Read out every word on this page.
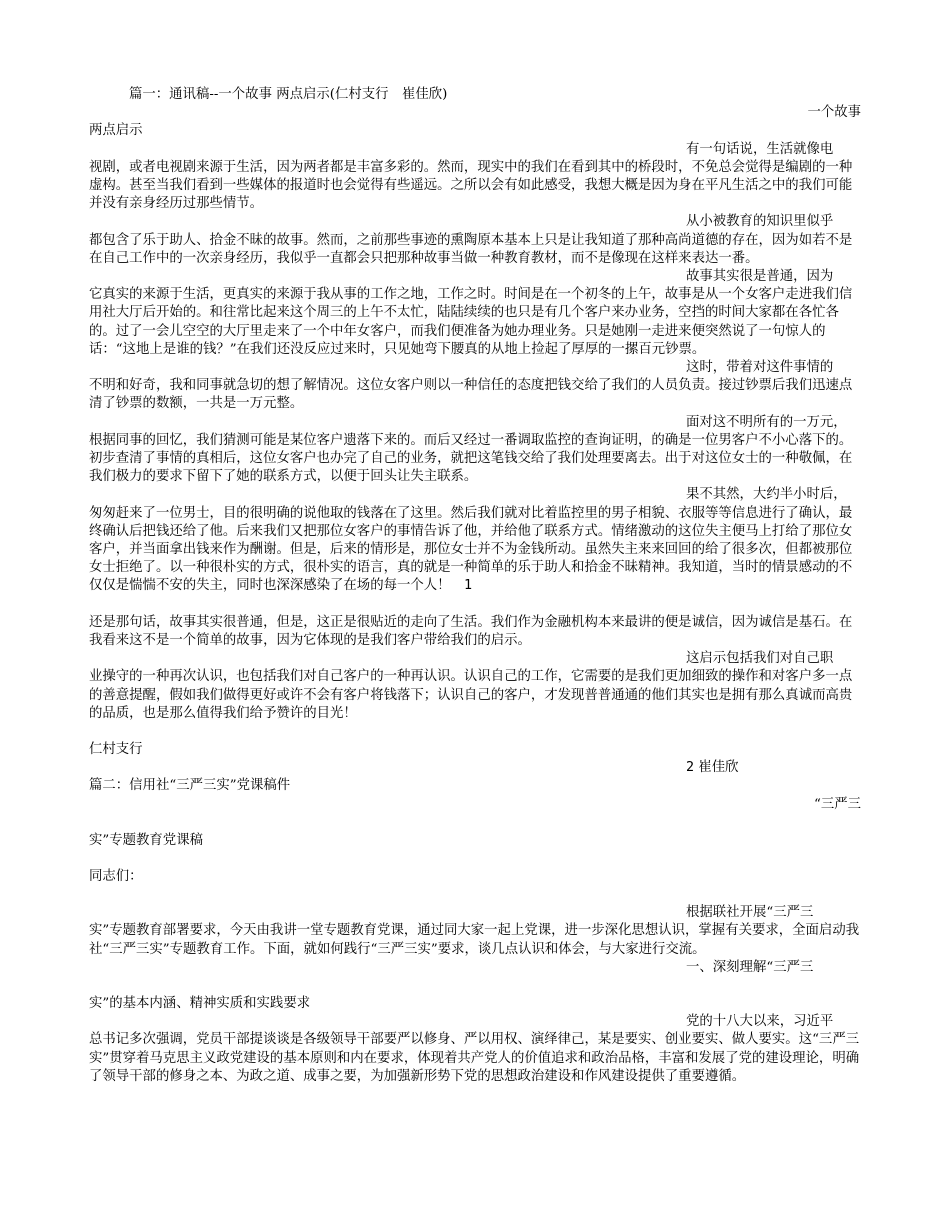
篇一：通讯稿--一个故事 两点启示(仁村支行　崔佳欣)
一个故事
两点启示
有一句话说，生活就像电
视剧，或者电视剧来源于生活，因为两者都是丰富多彩的。然而，现实中的我们在看到其中的桥段时，不免总会觉得是编剧的一种虚构。甚至当我们看到一些媒体的报道时也会觉得有些遥远。之所以会有如此感受，我想大概是因为身在平凡生活之中的我们可能并没有亲身经历过那些情节。
从小被教育的知识里似乎
都包含了乐于助人、拾金不昧的故事。然而，之前那些事迹的熏陶原本基本上只是让我知道了那种高尚道德的存在，因为如若不是在自己工作中的一次亲身经历，我似乎一直都会只把那种故事当做一种教育教材，而不是像现在这样来表达一番。
故事其实很是普通，因为
它真实的来源于生活，更真实的来源于我从事的工作之地，工作之时。时间是在一个初冬的上午，故事是从一个女客户走进我们信用社大厅后开始的。和往常比起来这个周三的上午不太忙，陆陆续续的也只是有几个客户来办业务，空挡的时间大家都在各忙各的。过了一会儿空空的大厅里走来了一个中年女客户，而我们便准备为她办理业务。只是她刚一走进来便突然说了一句惊人的话：“这地上是谁的钱？”在我们还没反应过来时，只见她弯下腰真的从地上捡起了厚厚的一摞百元钞票。
这时，带着对这件事情的
不明和好奇，我和同事就急切的想了解情况。这位女客户则以一种信任的态度把钱交给了我们的人员负责。接过钞票后我们迅速点清了钞票的数额，一共是一万元整。
面对这不明所有的一万元，
根据同事的回忆，我们猜测可能是某位客户遗落下来的。而后又经过一番调取监控的查询证明，的确是一位男客户不小心落下的。初步查清了事情的真相后，这位女客户也办完了自己的业务，就把这笔钱交给了我们处理要离去。出于对这位女士的一种敬佩，在我们极力的要求下留下了她的联系方式，以便于回头让失主联系。
果不其然，大约半小时后，
匆匆赶来了一位男士，目的很明确的说他取的钱落在了这里。然后我们就对比着监控里的男子相貌、衣服等等信息进行了确认，最终确认后把钱还给了他。后来我们又把那位女客户的事情告诉了他，并给他了联系方式。情绪激动的这位失主便马上打给了那位女客户，并当面拿出钱来作为酬谢。但是，后来的情形是，那位女士并不为金钱所动。虽然失主来来回回的给了很多次，但都被那位女士拒绝了。以一种很朴实的方式，很朴实的语言，真的就是一种简单的乐于助人和拾金不昧精神。我知道，当时的情景感动的不仅仅是惴惴不安的失主，同时也深深感染了在场的每一个人！　 1
还是那句话，故事其实很普通，但是，这正是很贴近的走向了生活。我们作为金融机构本来最讲的便是诚信，因为诚信是基石。在我看来这不是一个简单的故事，因为它体现的是我们客户带给我们的启示。
这启示包括我们对自己职
业操守的一种再次认识，也包括我们对自己客户的一种再认识。认识自己的工作，它需要的是我们更加细致的操作和对客户多一点的善意提醒，假如我们做得更好或许不会有客户将钱落下；认识自己的客户，才发现普普通通的他们其实也是拥有那么真诚而高贵的品质，也是那么值得我们给予赞许的目光！
仁村支行
2 崔佳欣
篇二：信用社“三严三实”党课稿件
“三严三
实”专题教育党课稿
同志们：
根据联社开展“三严三
实”专题教育部署要求，今天由我讲一堂专题教育党课，通过同大家一起上党课，进一步深化思想认识，掌握有关要求，全面启动我社“三严三实”专题教育工作。下面，就如何践行“三严三实”要求，谈几点认识和体会，与大家进行交流。
一、深刻理解“三严三
实”的基本内涵、精神实质和实践要求
党的十八大以来，习近平
总书记多次强调，党员干部提谈谈是各级领导干部要严以修身、严以用权、演绎律己，某是要实、创业要实、做人要实。这“三严三实”贯穿着马克思主义政党建设的基本原则和内在要求，体现着共产党人的价值追求和政治品格，丰富和发展了党的建设理论，明确了领导干部的修身之本、为政之道、成事之要，为加强新形势下党的思想政治建设和作风建设提供了重要遵循。
